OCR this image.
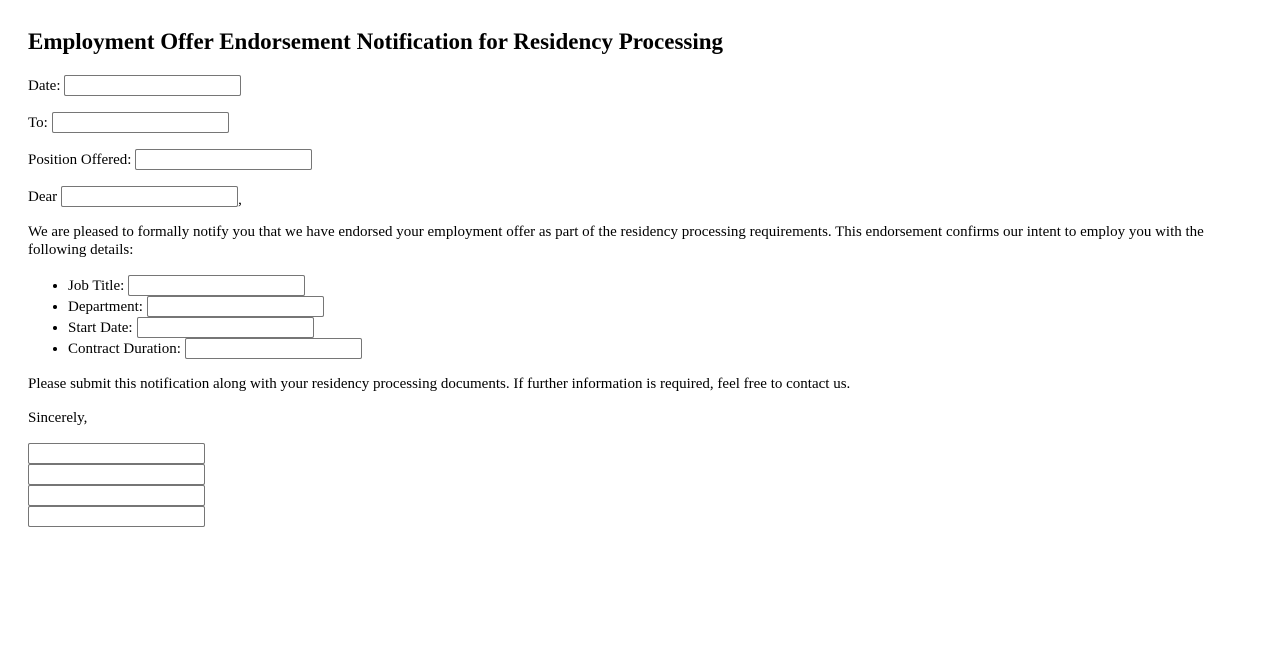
Employment Offer Endorsement Notification for Residency Processing
Date:
To:
Position Offered:
Dear	,

We are pleased to formally notify you that we have endorsed your employment offer as part of the residency processing requirements. This endorsement confirms our intent to employ you with the following details:

• Job Title:
• Department:
• Start Date:
• Contract Duration:

Please submit this notification along with your residency processing documents. If further information is required, feel free to contact us.

Sincerely,
